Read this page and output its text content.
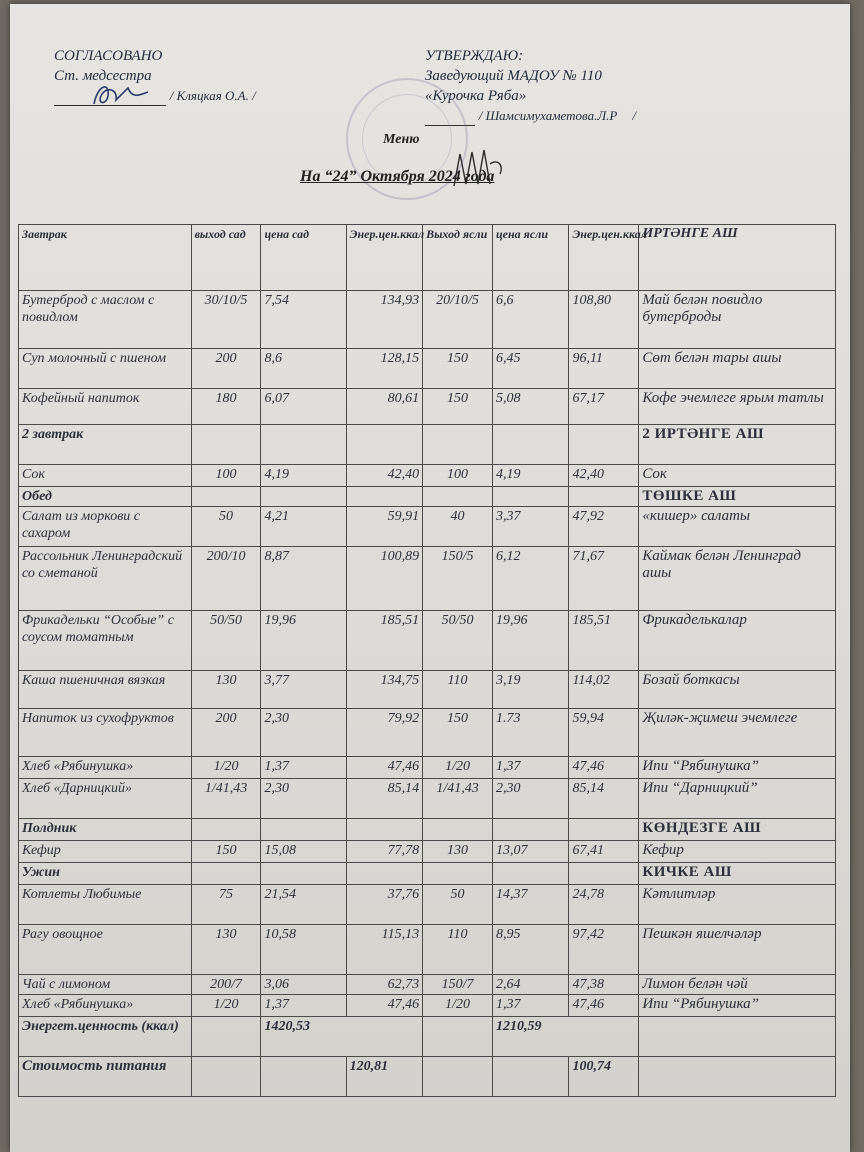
СОГЛАСОВАНО
Ст. медсестра
/ Кляцкая О.А. /
УТВЕРЖДАЮ:
Заведующий МАДОУ № 110
«Курочка Ряба»
/ Шамсимухаметова.Л.Р /
Меню
На “24” Октября 2024 года
Завтрак	выход сад	цена сад	Энер.цен.ккал	Выход ясли	цена ясли	Энер.цен.ккал	ИРТӘНГЕ АШ
Бутерброд с маслом с повидлом	30/10/5	7,54	134,93	20/10/5	6,6	108,80	Май белән повидло бутерброды
Суп молочный с пшеном	200	8,6	128,15	150	6,45	96,11	Сөт белән тары ашы
Кофейный напиток	180	6,07	80,61	150	5,08	67,17	Кофе эчемлеге ярым татлы
2 завтрак							2 ИРТӘНГЕ АШ
Сок	100	4,19	42,40	100	4,19	42,40	Сок
Обед							ТӨШКЕ АШ
Салат из моркови с сахаром	50	4,21	59,91	40	3,37	47,92	«кишер» салаты
Рассольник Ленинградский со сметаной	200/10	8,87	100,89	150/5	6,12	71,67	Каймак белән Ленинград ашы
Фрикадельки “Особые” с соусом томатным	50/50	19,96	185,51	50/50	19,96	185,51	Фрикаделькалар
Каша пшеничная вязкая	130	3,77	134,75	110	3,19	114,02	Бозай боткасы
Напиток из сухофруктов	200	2,30	79,92	150	1.73	59,94	Җиләк-җимеш эчемлеге
Хлеб «Рябинушка»	1/20	1,37	47,46	1/20	1,37	47,46	Ипи “Рябинушка”
Хлеб «Дарницкий»	1/41,43	2,30	85,14	1/41,43	2,30	85,14	Ипи “Дарницкий”
Полдник							КӨНДЕЗГЕ АШ
Кефир	150	15,08	77,78	130	13,07	67,41	Кефир
Ужин							КИЧКЕ АШ
Котлеты Любимые	75	21,54	37,76	50	14,37	24,78	Кәтлитләр
Рагу овощное	130	10,58	115,13	110	8,95	97,42	Пешкән яшелчәләр
Чай с лимоном	200/7	3,06	62,73	150/7	2,64	47,38	Лимон белән чәй
Хлеб «Рябинушка»	1/20	1,37	47,46	1/20	1,37	47,46	Ипи “Рябинушка”
Энергет.ценность (ккал)		1420,53			1210,59		
Стоимость питания			120,81			100,74	
